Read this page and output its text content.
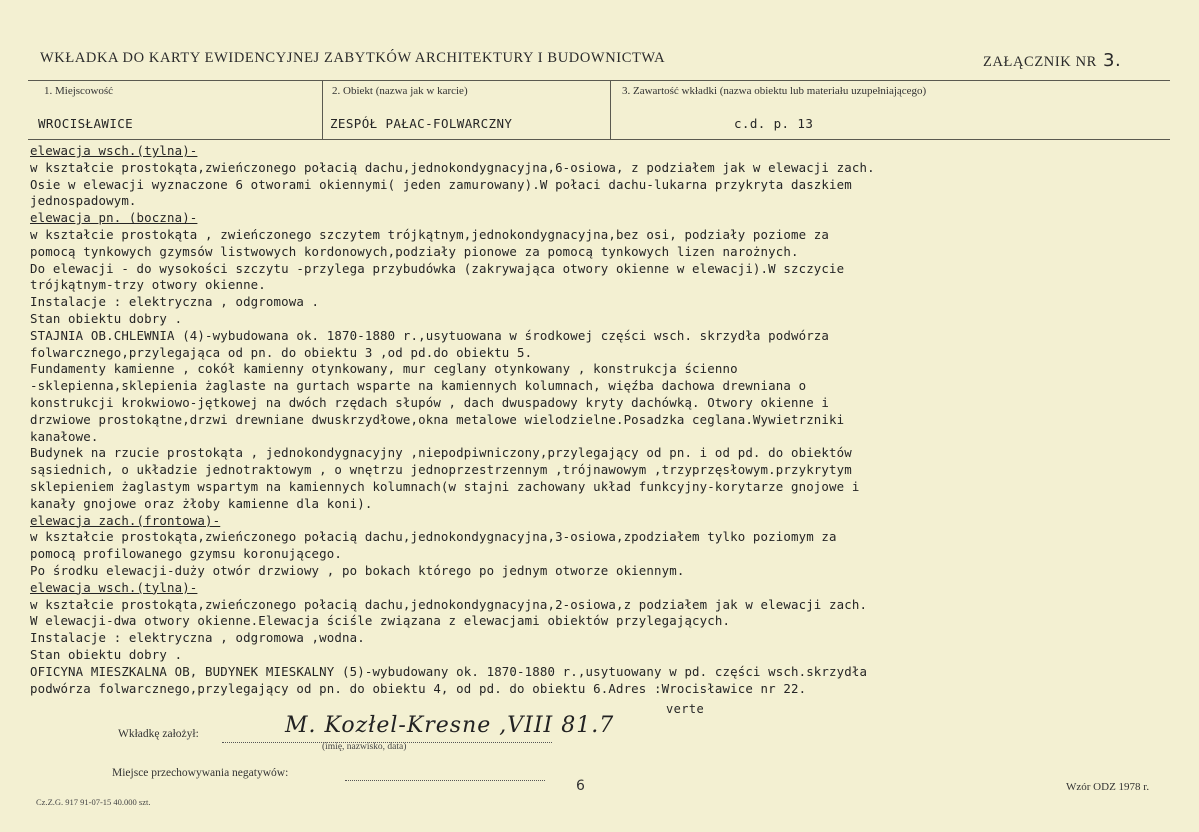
WKŁADKA DO KARTY EWIDENCYJNEJ ZABYTKÓW ARCHITEKTURY I BUDOWNICTWA	ZAŁĄCZNIK NR 3.
1. Miejscowość
WROCISŁAWICE
2. Obiekt (nazwa jak w karcie)
ZESPÓŁ PAŁAC-FOLWARCZNY
3. Zawartość wkładki (nazwa obiektu lub materiału uzupełniającego)
c.d. p. 13
elewacja wsch.(tylna)-
w kształcie prostokąta,zwieńczonego połacią dachu,jednokondygnacyjna,6-osiowa, z podziałem jak w elewacji zach.
Osie w elewacji wyznaczone 6 otworami okiennymi( jeden zamurowany).W połaci dachu-lukarna przykryta daszkiem
jednospadowym.
elewacja pn. (boczna)-
w kształcie prostokąta , zwieńczonego szczytem trójkątnym,jednokondygnacyjna,bez osi, podziały poziome za
pomocą tynkowych gzymsów listwowych kordonowych,podziały pionowe za pomocą tynkowych lizen narożnych.
Do elewacji - do wysokości szczytu -przylega przybudówka (zakrywająca otwory okienne w elewacji).W szczycie
trójkątnym-trzy otwory okienne.
Instalacje : elektryczna , odgromowa .
Stan obiektu dobry .
STAJNIA OB.CHLEWNIA (4)-wybudowana ok. 1870-1880 r.,usytuowana w środkowej części wsch. skrzydła podwórza
folwarcznego,przylegająca od pn. do obiektu 3 ,od pd.do obiektu 5.
Fundamenty kamienne , cokół kamienny otynkowany, mur ceglany otynkowany , konstrukcja ścienno
-sklepienna,sklepienia żaglaste na gurtach wsparte na kamiennych kolumnach, więźba dachowa drewniana o
konstrukcji krokwiowo-jętkowej na dwóch rzędach słupów , dach dwuspadowy kryty dachówką. Otwory okienne i
drzwiowe prostokątne,drzwi drewniane dwuskrzydłowe,okna metalowe wielodzielne.Posadzka ceglana.Wywietrzniki
kanałowe.
Budynek na rzucie prostokąta , jednokondygnacyjny ,niepodpiwniczony,przylegający od pn. i od pd. do obiektów
sąsiednich, o układzie jednotraktowym , o wnętrzu jednoprzestrzennym ,trójnawowym ,trzyprzęsłowym.przykrytym
sklepieniem żaglastym wspartym na kamiennych kolumnach(w stajni zachowany układ funkcyjny-korytarze gnojowe i
kanały gnojowe oraz żłoby kamienne dla koni).
elewacja zach.(frontowa)-
w kształcie prostokąta,zwieńczonego połacią dachu,jednokondygnacyjna,3-osiowa,zpodziałem tylko poziomym za
pomocą profilowanego gzymsu koronującego.
Po środku elewacji-duży otwór drzwiowy , po bokach którego po jednym otworze okiennym.
elewacja wsch.(tylna)-
w kształcie prostokąta,zwieńczonego połacią dachu,jednokondygnacyjna,2-osiowa,z podziałem jak w elewacji zach.
W elewacji-dwa otwory okienne.Elewacja ściśle związana z elewacjami obiektów przylegających.
Instalacje : elektryczna , odgromowa ,wodna.
Stan obiektu dobry .
OFICYNA MIESZKALNA OB, BUDYNEK MIESKALNY (5)-wybudowany ok. 1870-1880 r.,usytuowany w pd. części wsch.skrzydła
podwórza folwarcznego,przylegający od pn. do obiektu 4, od pd. do obiektu 6.Adres :Wrocisławice nr 22.
verte
Wkładkę założył:	M. Kozłel-Kresne ,VIII 81.7
(imię, nazwisko, data)
Miejsce przechowywania negatywów:
6	Wzór ODZ 1978 r.
Cz.Z.G. 917 91-07-15 40.000 szt.
